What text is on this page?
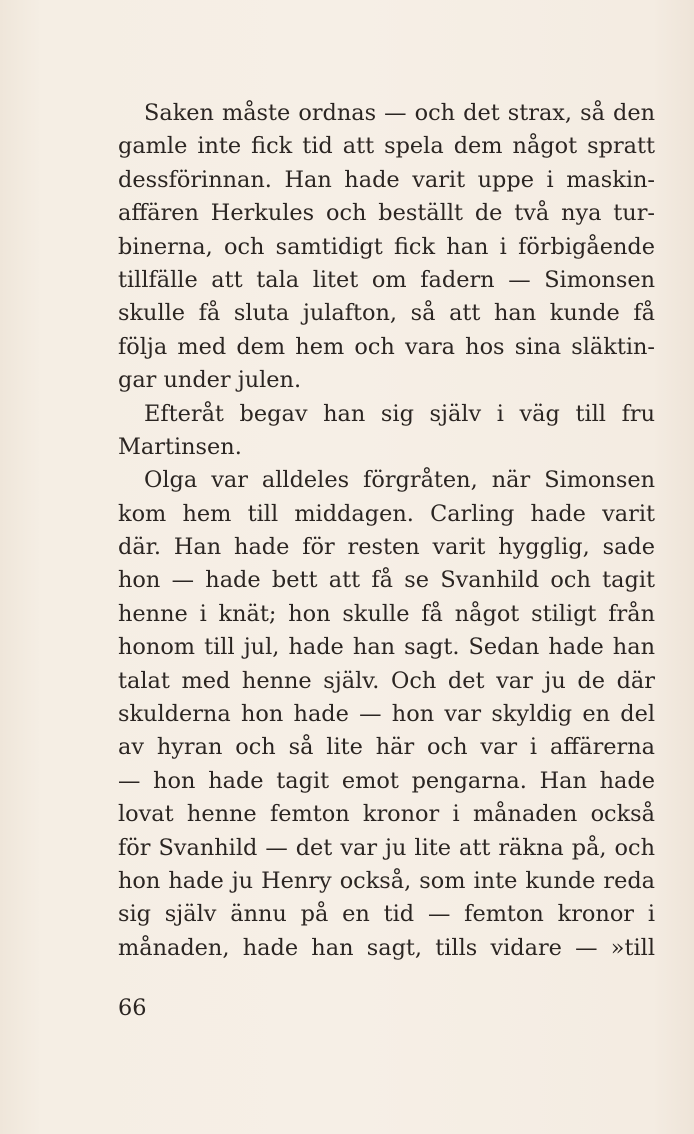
Saken måste ordnas — och det strax, så den
gamle inte fick tid att spela dem något spratt
dessförinnan. Han hade varit uppe i maskin-
affären Herkules och beställt de två nya tur-
binerna, och samtidigt fick han i förbigående
tillfälle att tala litet om fadern — Simonsen
skulle få sluta julafton, så att han kunde få
följa med dem hem och vara hos sina släktin-
gar under julen.
Efteråt begav han sig själv i väg till fru
Martinsen.
Olga var alldeles förgråten, när Simonsen
kom hem till middagen. Carling hade varit
där. Han hade för resten varit hygglig, sade
hon — hade bett att få se Svanhild och tagit
henne i knät; hon skulle få något stiligt från
honom till jul, hade han sagt. Sedan hade han
talat med henne själv. Och det var ju de där
skulderna hon hade — hon var skyldig en del
av hyran och så lite här och var i affärerna
— hon hade tagit emot pengarna. Han hade
lovat henne femton kronor i månaden också
för Svanhild — det var ju lite att räkna på, och
hon hade ju Henry också, som inte kunde reda
sig själv ännu på en tid — femton kronor i
månaden, hade han sagt, tills vidare — »till
66
